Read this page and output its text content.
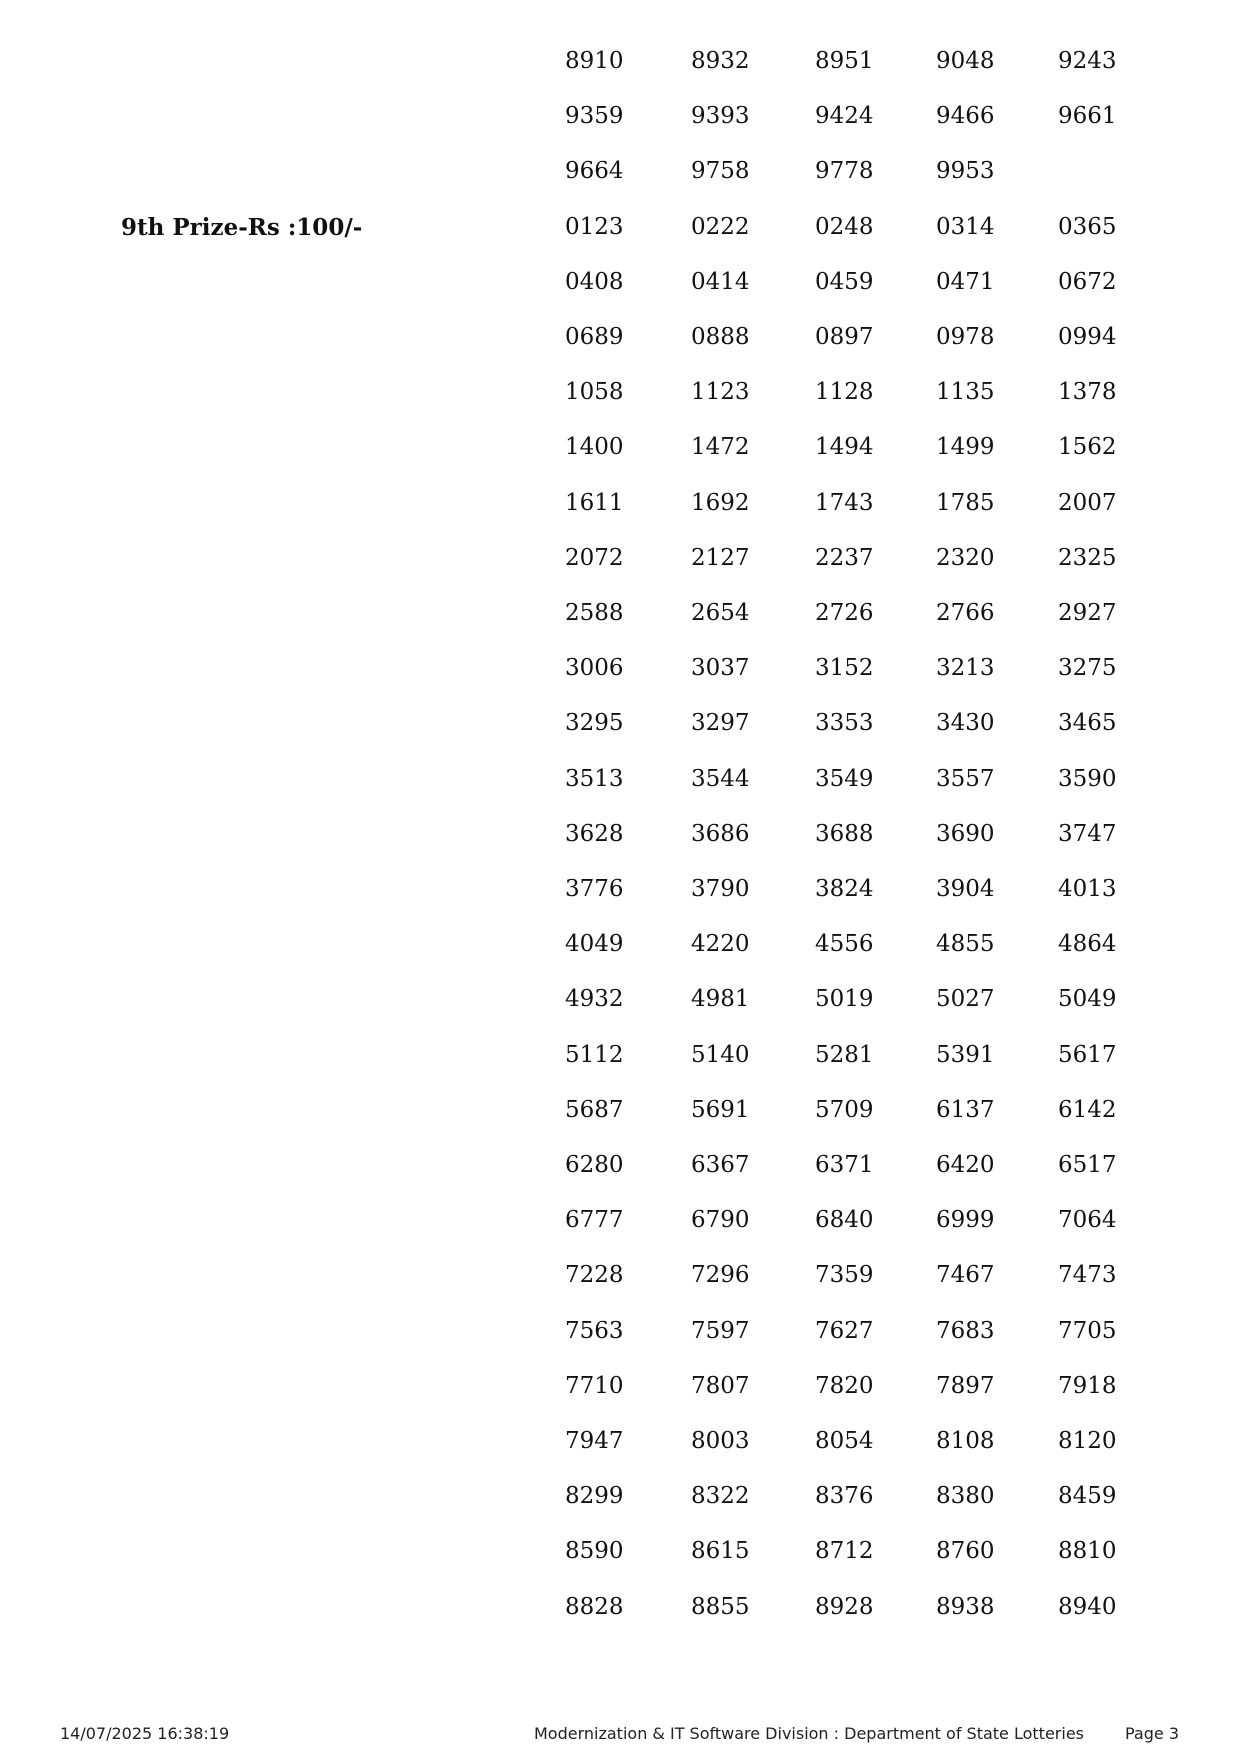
8910	8932	8951	9048	9243
9359	9393	9424	9466	9661
9664	9758	9778	9953
9th Prize-Rs :100/-	0123	0222	0248	0314	0365
0408	0414	0459	0471	0672
0689	0888	0897	0978	0994
1058	1123	1128	1135	1378
1400	1472	1494	1499	1562
1611	1692	1743	1785	2007
2072	2127	2237	2320	2325
2588	2654	2726	2766	2927
3006	3037	3152	3213	3275
3295	3297	3353	3430	3465
3513	3544	3549	3557	3590
3628	3686	3688	3690	3747
3776	3790	3824	3904	4013
4049	4220	4556	4855	4864
4932	4981	5019	5027	5049
5112	5140	5281	5391	5617
5687	5691	5709	6137	6142
6280	6367	6371	6420	6517
6777	6790	6840	6999	7064
7228	7296	7359	7467	7473
7563	7597	7627	7683	7705
7710	7807	7820	7897	7918
7947	8003	8054	8108	8120
8299	8322	8376	8380	8459
8590	8615	8712	8760	8810
8828	8855	8928	8938	8940
14/07/2025 16:38:19	Modernization & IT Software Division : Department of State Lotteries	Page 3
